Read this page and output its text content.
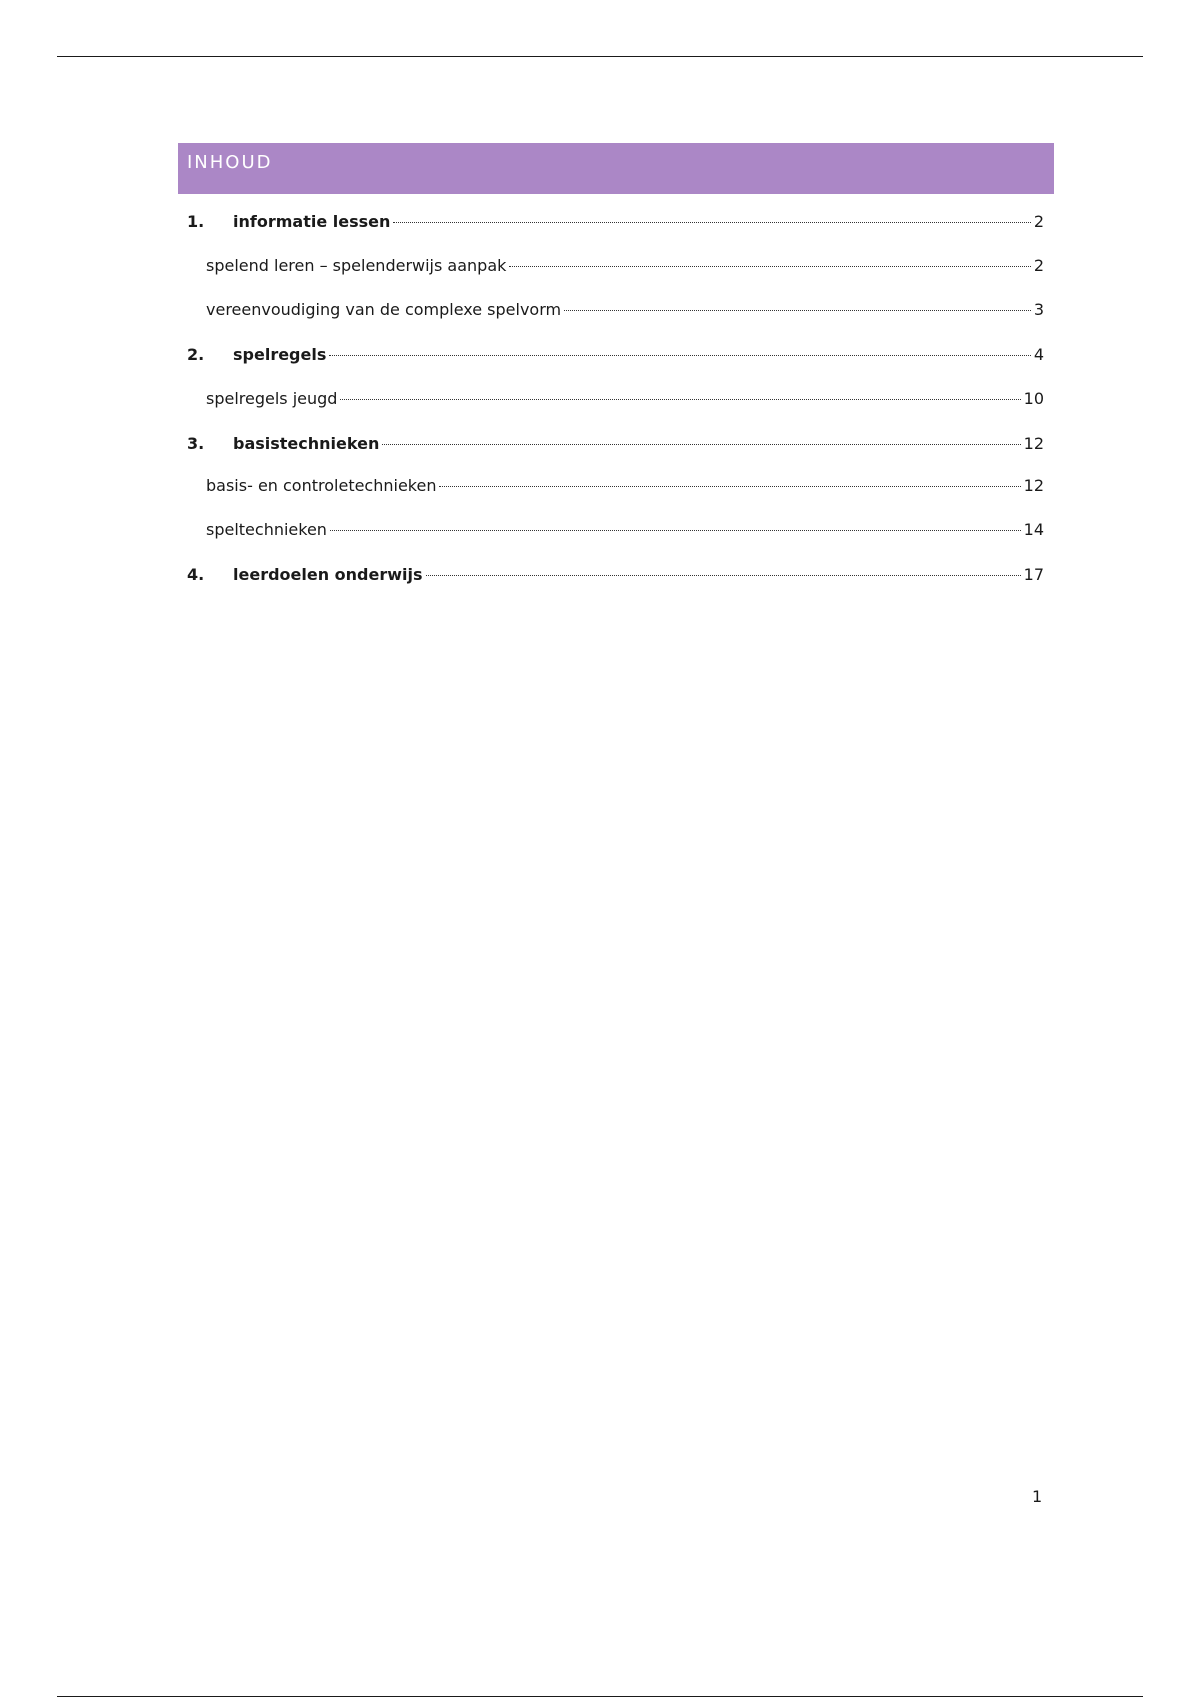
INHOUD
1.	informatie lessen	2
spelend leren – spelenderwijs aanpak	2
vereenvoudiging van de complexe spelvorm	3
2.	spelregels	4
spelregels jeugd	10
3.	basistechnieken	12
basis- en controletechnieken	12
speltechnieken	14
4.	leerdoelen onderwijs	17
1
